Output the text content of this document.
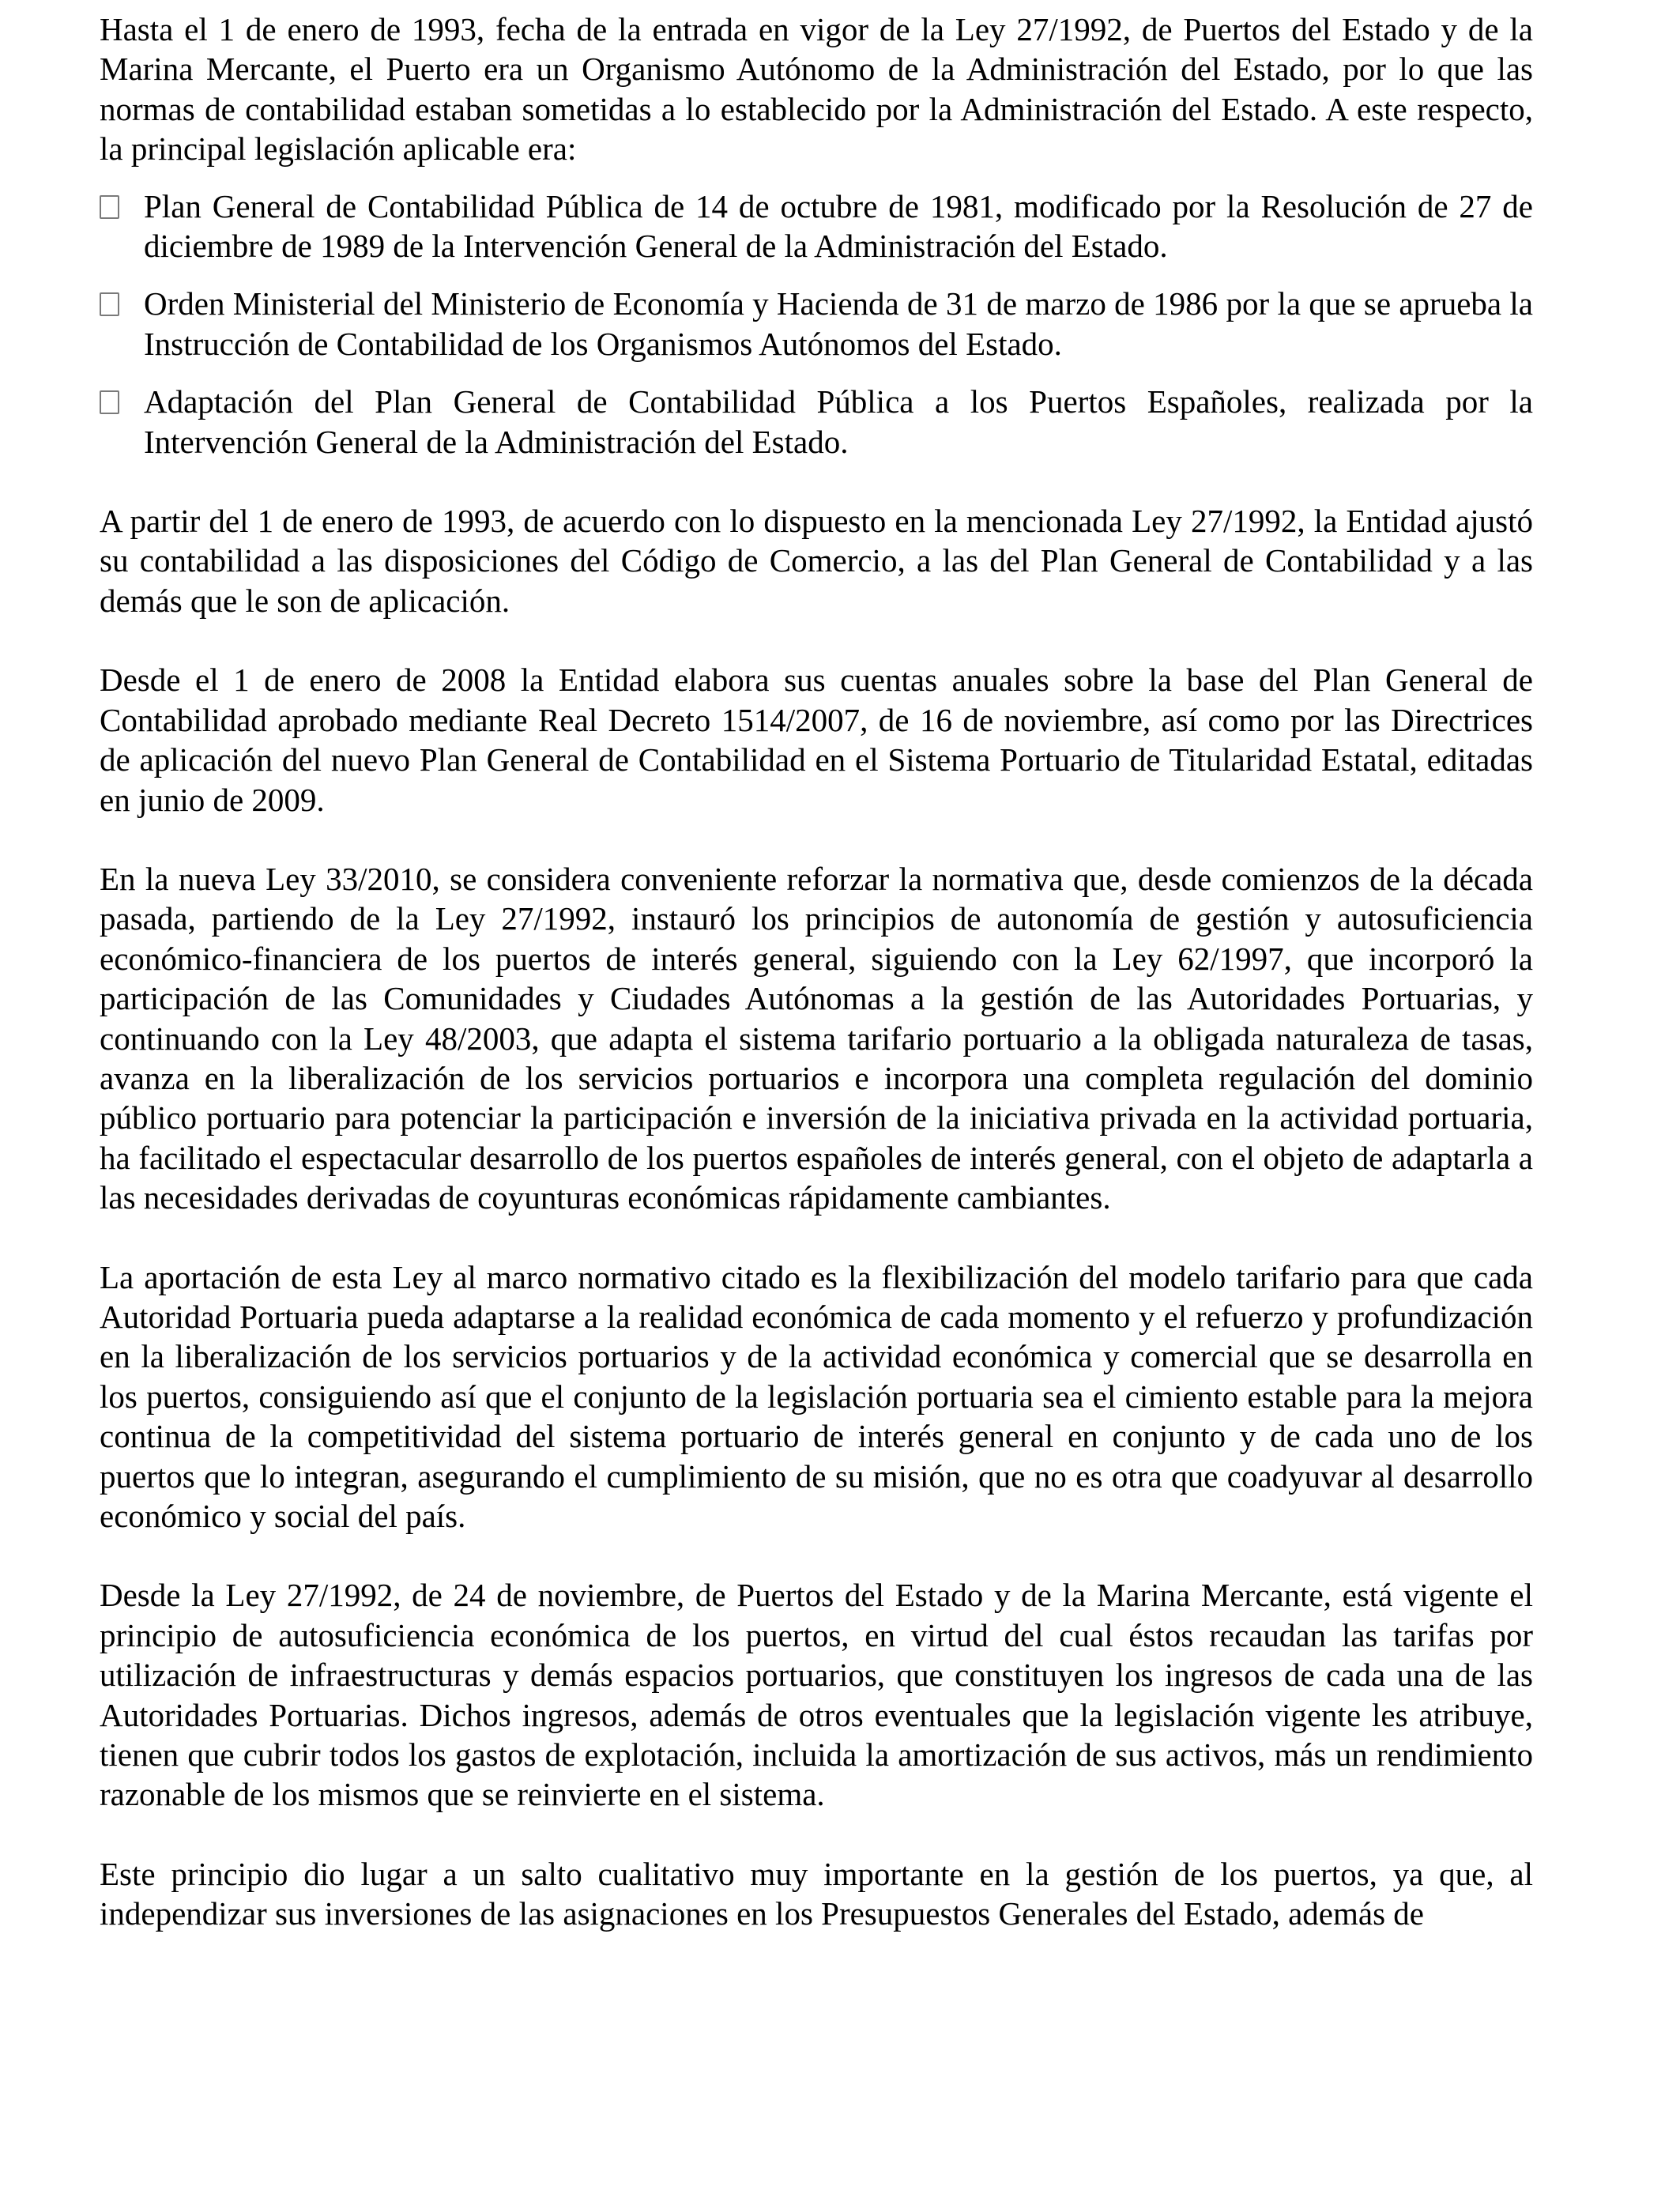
Hasta el 1 de enero de 1993, fecha de la entrada en vigor de la Ley 27/1992, de Puertos del Estado y de la Marina Mercante, el Puerto era un Organismo Autónomo de la Administración del Estado, por lo que las normas de contabilidad estaban sometidas a lo establecido por la Administración del Estado. A este respecto, la principal legislación aplicable era:

Plan General de Contabilidad Pública de 14 de octubre de 1981, modificado por la Resolución de 27 de diciembre de 1989 de la Intervención General de la Administración del Estado.
Orden Ministerial del Ministerio de Economía y Hacienda de 31 de marzo de 1986 por la que se aprueba la Instrucción de Contabilidad de los Organismos Autónomos del Estado.
Adaptación del Plan General de Contabilidad Pública a los Puertos Españoles, realizada por la Intervención General de la Administración del Estado.

A partir del 1 de enero de 1993, de acuerdo con lo dispuesto en la mencionada Ley 27/1992, la Entidad ajustó su contabilidad a las disposiciones del Código de Comercio, a las del Plan General de Contabilidad y a las demás que le son de aplicación.

Desde el 1 de enero de 2008 la Entidad elabora sus cuentas anuales sobre la base del Plan General de Contabilidad aprobado mediante Real Decreto 1514/2007, de 16 de noviembre, así como por las Directrices de aplicación del nuevo Plan General de Contabilidad en el Sistema Portuario de Titularidad Estatal, editadas en junio de 2009.

En la nueva Ley 33/2010, se considera conveniente reforzar la normativa que, desde comienzos de la década pasada, partiendo de la Ley 27/1992, instauró los principios de autonomía de gestión y autosuficiencia económico-financiera de los puertos de interés general, siguiendo con la Ley 62/1997, que incorporó la participación de las Comunidades y Ciudades Autónomas a la gestión de las Autoridades Portuarias, y continuando con la Ley 48/2003, que adapta el sistema tarifario portuario a la obligada naturaleza de tasas, avanza en la liberalización de los servicios portuarios e incorpora una completa regulación del dominio público portuario para potenciar la participación e inversión de la iniciativa privada en la actividad portuaria, ha facilitado el espectacular desarrollo de los puertos españoles de interés general, con el objeto de adaptarla a las necesidades derivadas de coyunturas económicas rápidamente cambiantes.

La aportación de esta Ley al marco normativo citado es la flexibilización del modelo tarifario para que cada Autoridad Portuaria pueda adaptarse a la realidad económica de cada momento y el refuerzo y profundización en la liberalización de los servicios portuarios y de la actividad económica y comercial que se desarrolla en los puertos, consiguiendo así que el conjunto de la legislación portuaria sea el cimiento estable para la mejora continua de la competitividad del sistema portuario de interés general en conjunto y de cada uno de los puertos que lo integran, asegurando el cumplimiento de su misión, que no es otra que coadyuvar al desarrollo económico y social del país.

Desde la Ley 27/1992, de 24 de noviembre, de Puertos del Estado y de la Marina Mercante, está vigente el principio de autosuficiencia económica de los puertos, en virtud del cual éstos recaudan las tarifas por utilización de infraestructuras y demás espacios portuarios, que constituyen los ingresos de cada una de las Autoridades Portuarias. Dichos ingresos, además de otros eventuales que la legislación vigente les atribuye, tienen que cubrir todos los gastos de explotación, incluida la amortización de sus activos, más un rendimiento razonable de los mismos que se reinvierte en el sistema.

Este principio dio lugar a un salto cualitativo muy importante en la gestión de los puertos, ya que, al independizar sus inversiones de las asignaciones en los Presupuestos Generales del Estado, además de
